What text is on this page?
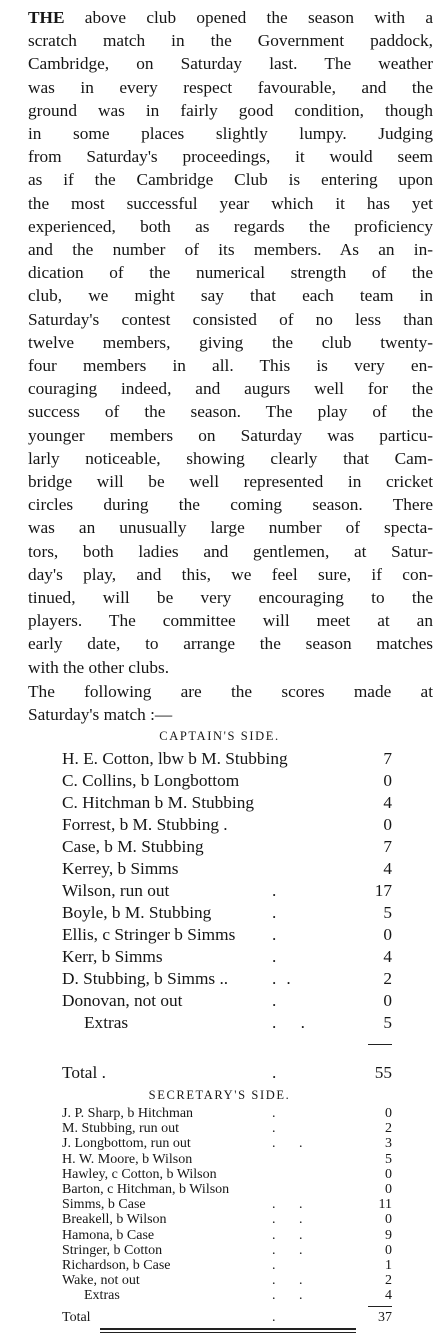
THE above club opened the season with a
scratch match in the Government paddock,
Cambridge, on Saturday last. The weather
was in every respect favourable, and the
ground was in fairly good condition, though
in some places slightly lumpy. Judging
from Saturday's proceedings, it would seem
as if the Cambridge Club is entering upon
the most successful year which it has yet
experienced, both as regards the proficiency
and the number of its members. As an in-
dication of the numerical strength of the
club, we might say that each team in
Saturday's contest consisted of no less than
twelve members, giving the club twenty-
four members in all. This is very en-
couraging indeed, and augurs well for the
success of the season. The play of the
younger members on Saturday was particu-
larly noticeable, showing clearly that Cam-
bridge will be well represented in cricket
circles during the coming season. There
was an unusually large number of specta-
tors, both ladies and gentlemen, at Satur-
day's play, and this, we feel sure, if con-
tinued, will be very encouraging to the
players. The committee will meet at an
early date, to arrange the season matches
with the other clubs.
The following are the scores made at
Saturday's match :—
CAPTAIN'S SIDE.
H. E. Cotton, lbw b M. Stubbing	7
C. Collins, b Longbottom	0
C. Hitchman b M. Stubbing	4
Forrest, b M. Stubbing .	0
Case, b M. Stubbing	7
Kerrey, b Simms	4
Wilson, run out	.	17
Boyle, b M. Stubbing	.	5
Ellis, c Stringer b Simms .	0
Kerr, b Simms	.	4
D. Stubbing, b Simms ..	..	2
Donovan, not out	.	0
Extras	. .	5
Total .	.	55
SECRETARY'S SIDE.
J. P. Sharp, b Hitchman	.	0
M. Stubbing, run out	.	2
J. Longbottom, run out	. .	3
H. W. Moore, b Wilson	5
Hawley, c Cotton, b Wilson	0
Barton, c Hitchman, b Wilson	0
Simms, b Case	. .	11
Breakell, b Wilson	. .	0
Hamona, b Case	. .	9
Stringer, b Cotton	. .	0
Richardson, b Case	.	1
Wake, not out	. .	2
Extras	. .	4
Total	.	37
